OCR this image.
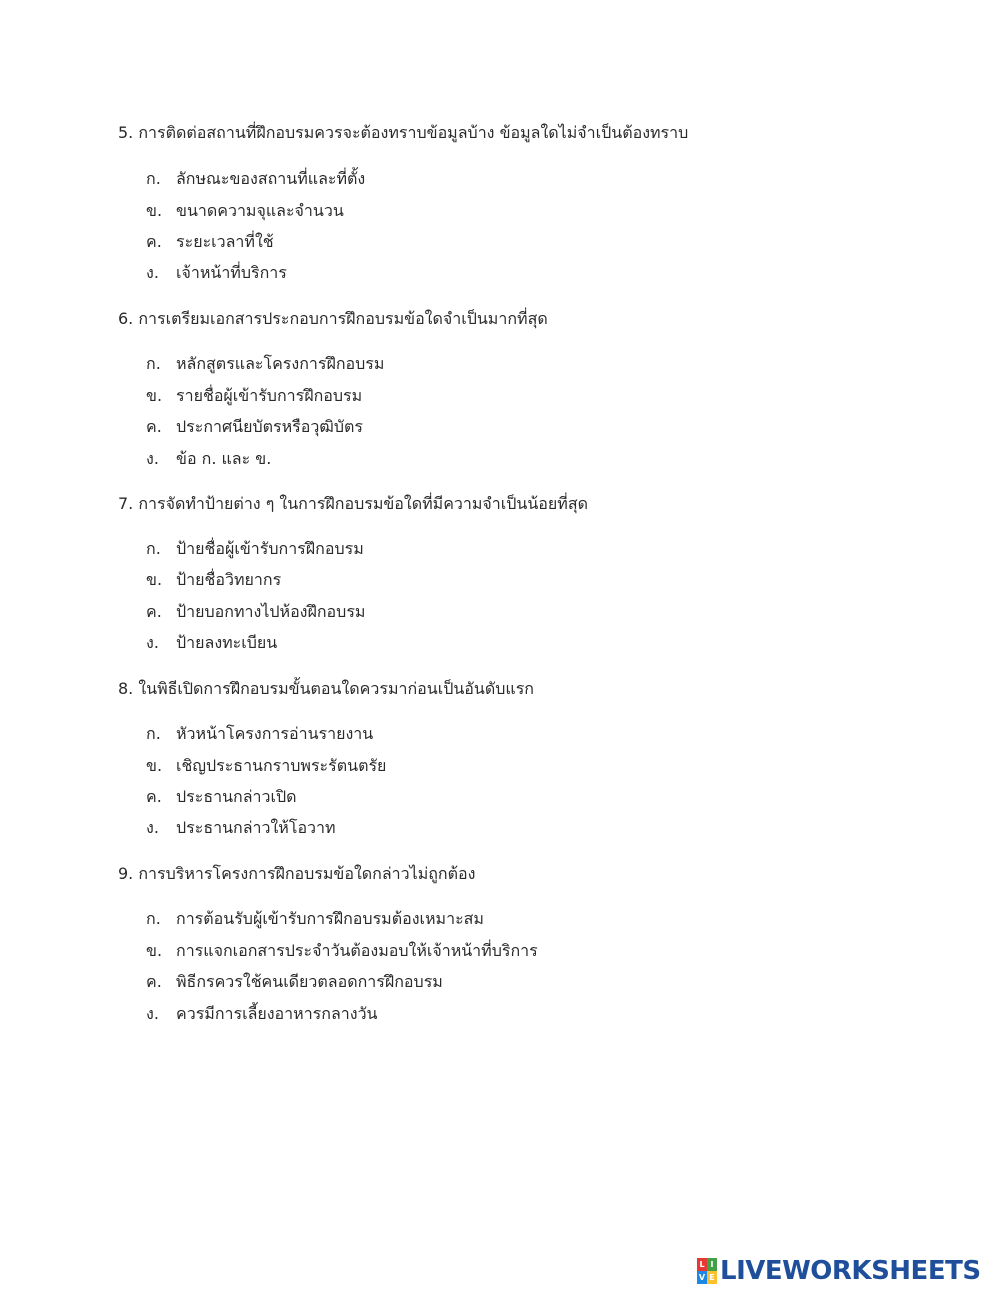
5. การติดต่อสถานที่ฝึกอบรมควรจะต้องทราบข้อมูลบ้าง ข้อมูลใดไม่จำเป็นต้องทราบ
ก. ลักษณะของสถานที่และที่ตั้ง
ข. ขนาดความจุและจำนวน
ค. ระยะเวลาที่ใช้
ง. เจ้าหน้าที่บริการ
6. การเตรียมเอกสารประกอบการฝึกอบรมข้อใดจำเป็นมากที่สุด
ก. หลักสูตรและโครงการฝึกอบรม
ข. รายชื่อผู้เข้ารับการฝึกอบรม
ค. ประกาศนียบัตรหรือวุฒิบัตร
ง. ข้อ ก. และ ข.
7. การจัดทำป้ายต่าง ๆ ในการฝึกอบรมข้อใดที่มีความจำเป็นน้อยที่สุด
ก. ป้ายชื่อผู้เข้ารับการฝึกอบรม
ข. ป้ายชื่อวิทยากร
ค. ป้ายบอกทางไปห้องฝึกอบรม
ง. ป้ายลงทะเบียน
8. ในพิธีเปิดการฝึกอบรมขั้นตอนใดควรมาก่อนเป็นอันดับแรก
ก. หัวหน้าโครงการอ่านรายงาน
ข. เชิญประธานกราบพระรัตนตรัย
ค. ประธานกล่าวเปิด
ง. ประธานกล่าวให้โอวาท
9. การบริหารโครงการฝึกอบรมข้อใดกล่าวไม่ถูกต้อง
ก. การต้อนรับผู้เข้ารับการฝึกอบรมต้องเหมาะสม
ข. การแจกเอกสารประจำวันต้องมอบให้เจ้าหน้าที่บริการ
ค. พิธีกรควรใช้คนเดียวตลอดการฝึกอบรม
ง. ควรมีการเลี้ยงอาหารกลางวัน
L I
V E LIVEWORKSHEETS
